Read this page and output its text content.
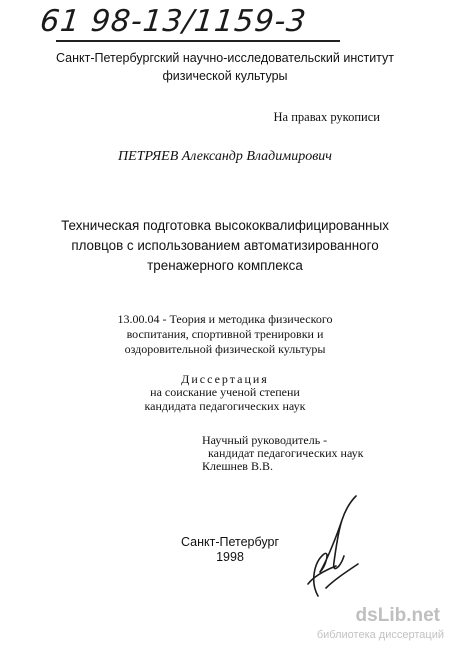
61 98-13/1159-3
Санкт-Петербургский научно-исследовательский институт
физической культуры
На правах рукописи
ПЕТРЯЕВ Александр Владимирович
Техническая подготовка высококвалифицированных
пловцов с использованием автоматизированного
тренажерного комплекса
13.00.04 - Теория и методика физического
воспитания, спортивной тренировки и
оздоровительной физической культуры
Диссертация
на соискание ученой степени
кандидата педагогических наук
Научный руководитель -
кандидат педагогических наук
Клешнев В.В.
Санкт-Петербург
1998
dsLib.net
библиотека диссертаций
